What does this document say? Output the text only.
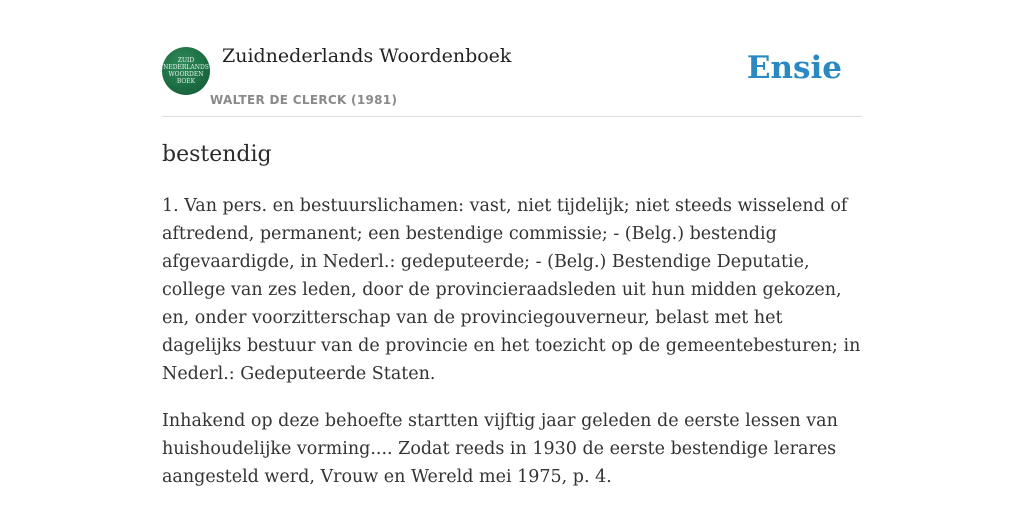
ZUID
NEDERLANDS
WOORDEN
BOEK
Zuidnederlands Woordenboek
WALTER DE CLERCK (1981)
Ensie
bestendig

1. Van pers. en bestuurslichamen: vast, niet tijdelijk; niet steeds wisselend of aftredend, permanent; een bestendige commissie; - (Belg.) bestendig afgevaardigde, in Nederl.: gedeputeerde; - (Belg.) Bestendige Deputatie, college van zes leden, door de provincieraadsleden uit hun midden gekozen, en, onder voorzitterschap van de provinciegouverneur, belast met het dagelijks bestuur van de provincie en het toezicht op de gemeentebesturen; in Nederl.: Gedeputeerde Staten.

Inhakend op deze behoefte startten vijftig jaar geleden de eerste lessen van huishoudelijke vorming.... Zodat reeds in 1930 de eerste bestendige lerares aangesteld werd, Vrouw en Wereld mei 1975, p. 4.
